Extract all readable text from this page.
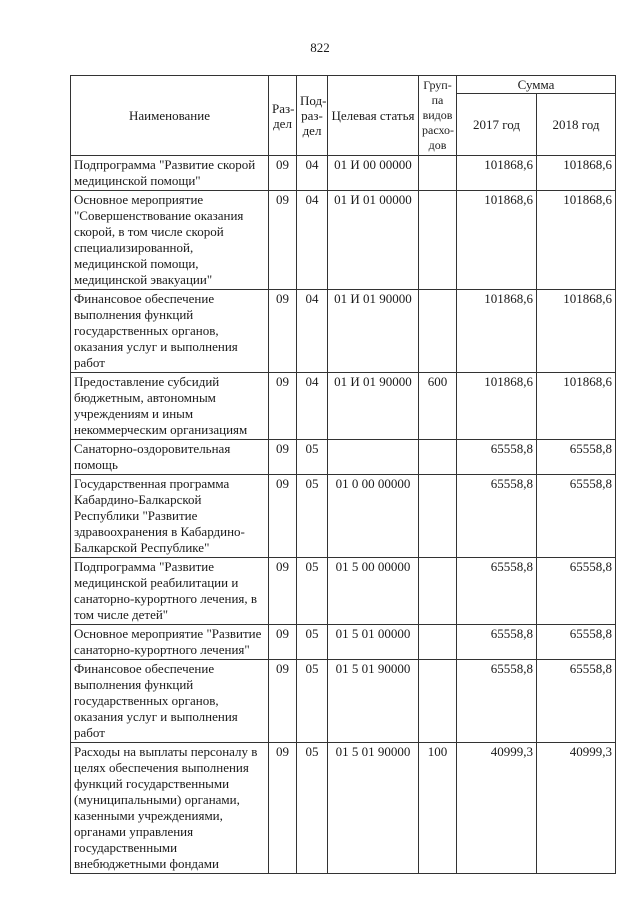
822
Наименование	Раз-дел	Под-раз-дел	Целевая статья	Груп-па видов расхо-дов	Сумма	
					2017 год	2018 год
Подпрограмма "Развитие скорой медицинской помощи"	09	04	01 И 00 00000		101868,6	101868,6
Основное мероприятие "Совершенствование оказания скорой, в том числе скорой специализированной, медицинской помощи, медицинской эвакуации"	09	04	01 И 01 00000		101868,6	101868,6
Финансовое обеспечение выполнения функций государственных органов, оказания услуг и выполнения работ	09	04	01 И 01 90000		101868,6	101868,6
Предоставление субсидий бюджетным, автономным учреждениям и иным некоммерческим организациям	09	04	01 И 01 90000	600	101868,6	101868,6
Санаторно-оздоровительная помощь	09	05			65558,8	65558,8
Государственная программа Кабардино-Балкарской Республики "Развитие здравоохранения в Кабардино-Балкарской Республике"	09	05	01 0 00 00000		65558,8	65558,8
Подпрограмма "Развитие медицинской реабилитации и санаторно-курортного лечения, в том числе детей"	09	05	01 5 00 00000		65558,8	65558,8
Основное мероприятие "Развитие санаторно-курортного лечения"	09	05	01 5 01 00000		65558,8	65558,8
Финансовое обеспечение выполнения функций государственных органов, оказания услуг и выполнения работ	09	05	01 5 01 90000		65558,8	65558,8
Расходы на выплаты персоналу в целях обеспечения выполнения функций государственными (муниципальными) органами, казенными учреждениями, органами управления государственными внебюджетными фондами	09	05	01 5 01 90000	100	40999,3	40999,3
